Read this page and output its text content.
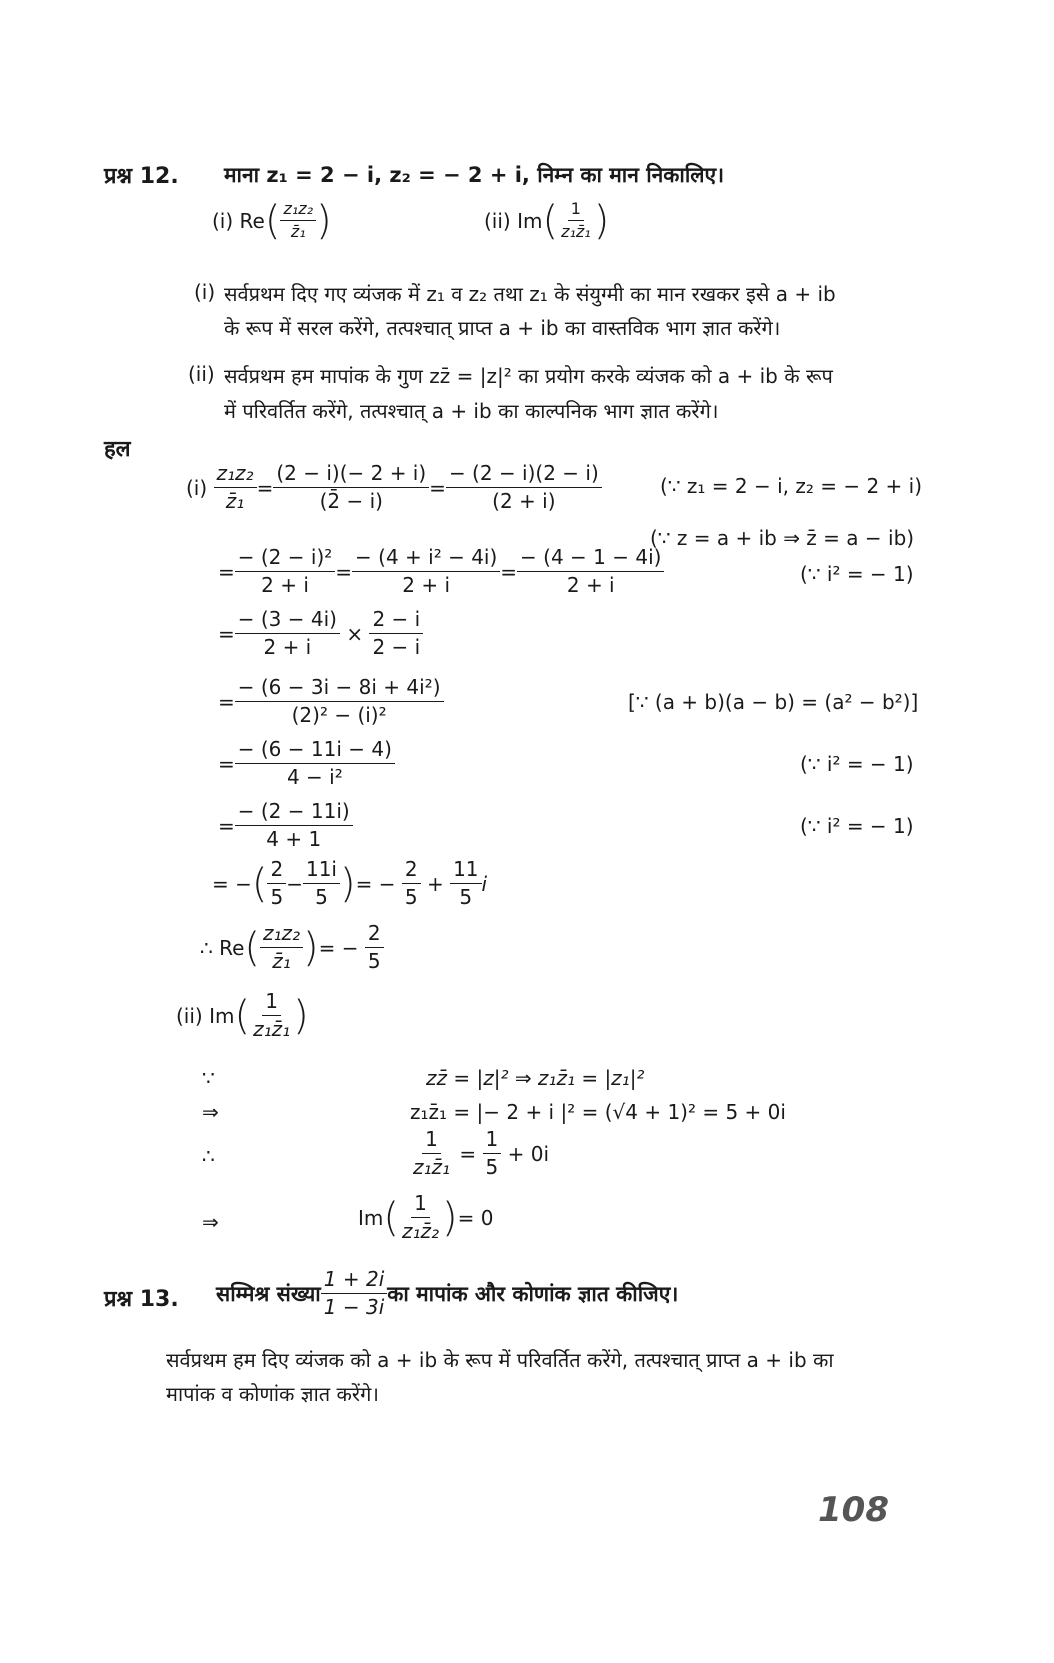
प्रश्न 12. माना z₁ = 2 − i, z₂ = − 2 + i, निम्न का मान निकालिए।
(i) Re ( $\frac{\text{z₁z₂}}{\text{z̄₁}}$ )	(ii) Im ( $\frac{1}{\text{z₁z̄₁}}$ )
(i) सर्वप्रथम दिए गए व्यंजक में z₁ व z₂ तथा z₁ के संयुग्मी का मान रखकर इसे a + ib
के रूप में सरल करेंगे, तत्पश्चात् प्राप्त a + ib का वास्तविक भाग ज्ञात करेंगे।
(ii) सर्वप्रथम हम मापांक के गुण zz̄ = |z|² का प्रयोग करके व्यंजक को a + ib के रूप
में परिवर्तित करेंगे, तत्पश्चात् a + ib का काल्पनिक भाग ज्ञात करेंगे।
हल
(i)
$\frac{\text{z₁z₂}}{\text{z̄₁}} = \frac{(2 - i)(- 2 + i)}{(2̄ - i)} = \frac{- (2 - i)(2 - i)}{(2 + i)}$	(∵ z₁ = 2 − i, z₂ = − 2 + i)
(∵ z = a + ib ⇒ z̄ = a − ib)
= $\frac{\text{− (2 − i)²}}{2 + i} = \frac{\text{− (4 + i² − 4i)}}{2 + i} = \frac{- (4 - 1 - 4i)}{2 + i}$	(∵ i² = − 1)
= $\frac{- (3 - 4i)}{2 + i}$
×
$\frac{2 - i}{2 - i}$
= $\frac{\text{− (6 − 3i − 8i + 4i²)}}{\text{(2)² − (i)²}}$	[∵ (a + b)(a − b) = (a² − b²)]
= $\frac{- (6 - 11i - 4)}{\text{4 − i²}}$	(∵ i² = − 1)
= $\frac{- (2 - 11i)}{4 + 1}$	(∵ i² = − 1)
= − ( $\frac{2}{5} - \frac{11i}{5}$ ) = −
$\frac{2}{5}$
+
$\frac{11}{5}$ i
∴ Re ( $\frac{\text{z₁z₂}}{\text{z̄₁}}$ ) = −
$\frac{2}{5}$
(ii) Im ( $\frac{1}{\text{z₁z̄₁}}$ )
∵	zz̄ = |z|² ⇒ z₁z̄₁ = |z₁|²
⇒	z₁z̄₁ = |− 2 + i |² = (√4 + 1)² = 5 + 0i
∴	$\frac{1}{\text{z₁z̄₁}}$
=
$\frac{1}{5}$
+ 0i
⇒	Im ( $\frac{1}{\text{z₁z̄₂}}$ ) = 0
प्रश्न 13. सम्मिश्र संख्या $\frac{1 + 2i}{1 - 3i}$ का मापांक और कोणांक ज्ञात कीजिए।
सर्वप्रथम हम दिए व्यंजक को a + ib के रूप में परिवर्तित करेंगे, तत्पश्चात् प्राप्त a + ib का
मापांक व कोणांक ज्ञात करेंगे।
108
